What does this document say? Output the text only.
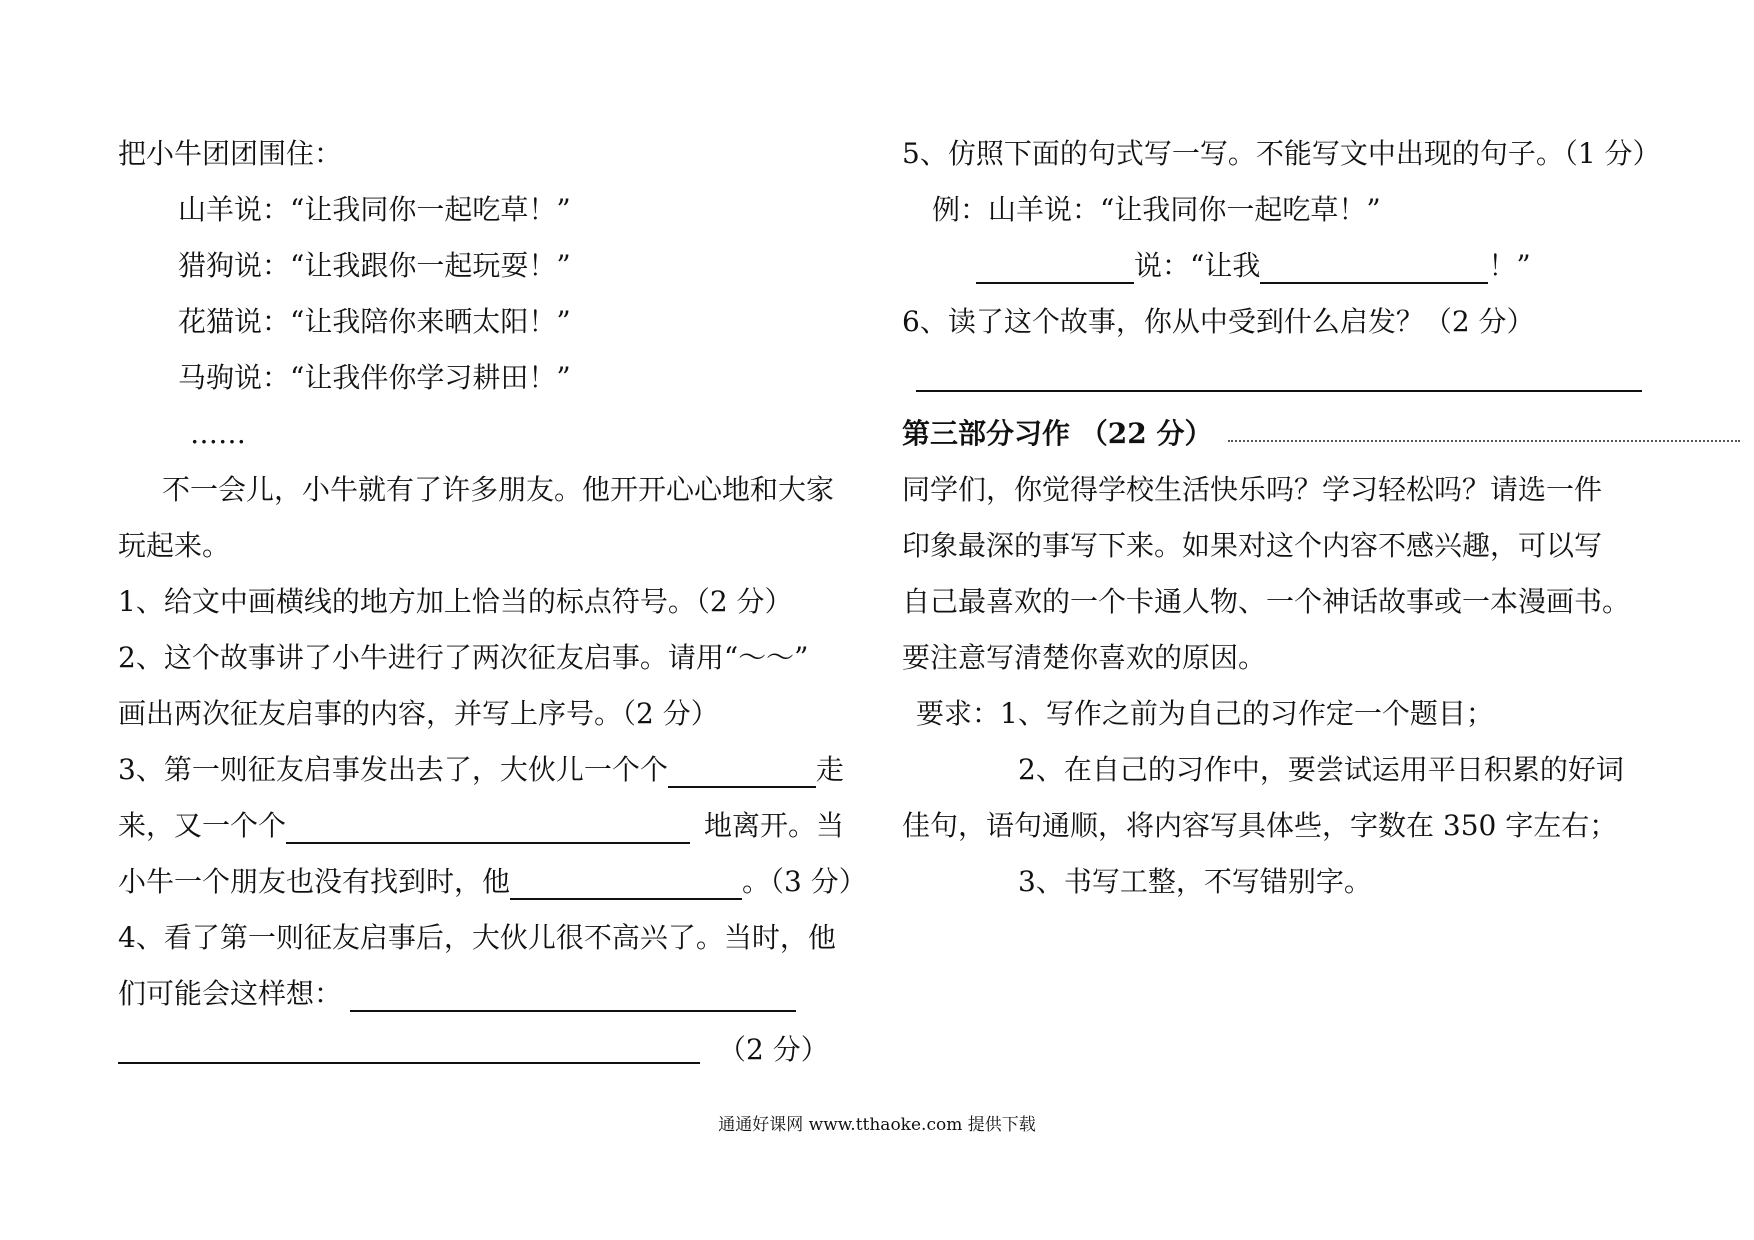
把小牛团团围住：
山羊说：“让我同你一起吃草！”
猎狗说：“让我跟你一起玩耍！”
花猫说：“让我陪你来晒太阳！”
马驹说：“让我伴你学习耕田！”
……
不一会儿，小牛就有了许多朋友。他开开心心地和大家
玩起来。
1、给文中画横线的地方加上恰当的标点符号。（2 分）
2、这个故事讲了小牛进行了两次征友启事。请用“～～”
画出两次征友启事的内容，并写上序号。（2 分）
3、第一则征友启事发出去了，大伙儿一个个	走
来，又一个个	地离开。当
小牛一个朋友也没有找到时，他	。（3 分）
4、看了第一则征友启事后，大伙儿很不高兴了。当时，他
们可能会这样想：
（2 分）
5、仿照下面的句式写一写。不能写文中出现的句子。（1 分）
例：山羊说：“让我同你一起吃草！”
说：“让我	！”
6、读了这个故事，你从中受到什么启发？（2 分）
第三部分习作 （22 分）
同学们，你觉得学校生活快乐吗？学习轻松吗？请选一件
印象最深的事写下来。如果对这个内容不感兴趣，可以写
自己最喜欢的一个卡通人物、一个神话故事或一本漫画书。
要注意写清楚你喜欢的原因。
要求：1、写作之前为自己的习作定一个题目；
2、在自己的习作中，要尝试运用平日积累的好词
佳句，语句通顺，将内容写具体些，字数在 350 字左右；
3、书写工整，不写错别字。
通通好课网 www.tthaoke.com 提供下载
